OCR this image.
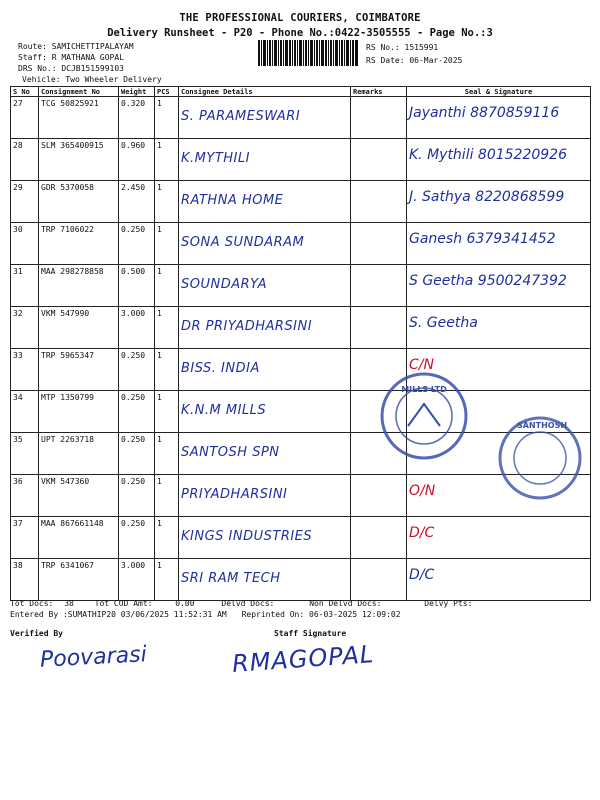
THE PROFESSIONAL COURIERS, COIMBATORE
Delivery Runsheet - P20 - Phone No.:0422-3505555 - Page No.:3
Route: SAMICHETTIPALAYAM
Staff: R MATHANA GOPAL
DRS No.: DCJB151599103
Vehicle: Two Wheeler Delivery
RS No.: 1515991
RS Date: 06-Mar-2025
S No	Consignment No	Weight	PCS	Consignee Details	Remarks	Seal & Signature
27	TCG 50825921	0.320	1	S. PARAMESWARI		Jayanthi 8870859116

28	SLM 365400915	0.960	1	K.MYTHILI		K. Mythili 8015220926

29	GDR 5370058	2.450	1	RATHNA HOME		J. Sathya 8220868599

30	TRP 7106022	0.250	1	SONA SUNDARAM		Ganesh 6379341452

31	MAA 298278858	0.500	1	SOUNDARYA		S Geetha 9500247392

32	VKM 547990	3.000	1	DR PRIYADHARSINI		S. Geetha

33	TRP 5965347	0.250	1	BISS. INDIA		C/N

34	MTP 1350799	0.250	1	K.N.M MILLS		

35	UPT 2263718	0.250	1	SANTOSH SPN		

36	VKM 547360	0.250	1	PRIYADHARSINI		O/N

37	MAA 867661148	0.250	1	KINGS INDUSTRIES		D/C

38	TRP 6341067	3.000	1	SRI RAM TECH		D/C
MILLS LTD
SANTHOSH
Tot Docs: 38	Tot COD Amt:	0.00	Delvd Docs:	Non Delvd Docs:	Delvy Pts:
Entered By :SUMATHIP20 03/06/2025 11:52:31 AM Reprinted On: 06-03-2025 12:09:02
Verified By	Staff Signature
Poovarasi	RMAGOPAL
